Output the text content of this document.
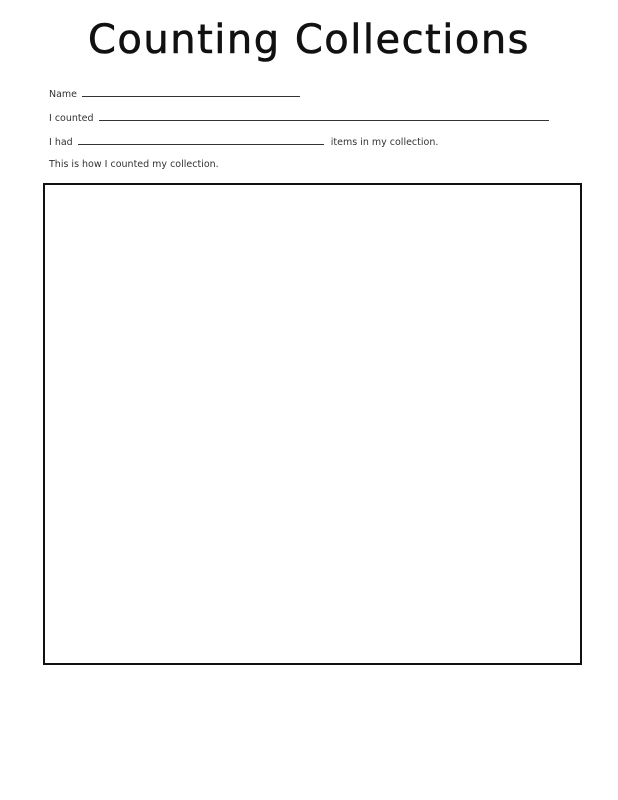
Counting Collections
Name
I counted
I had	items in my collection.
This is how I counted my collection.
